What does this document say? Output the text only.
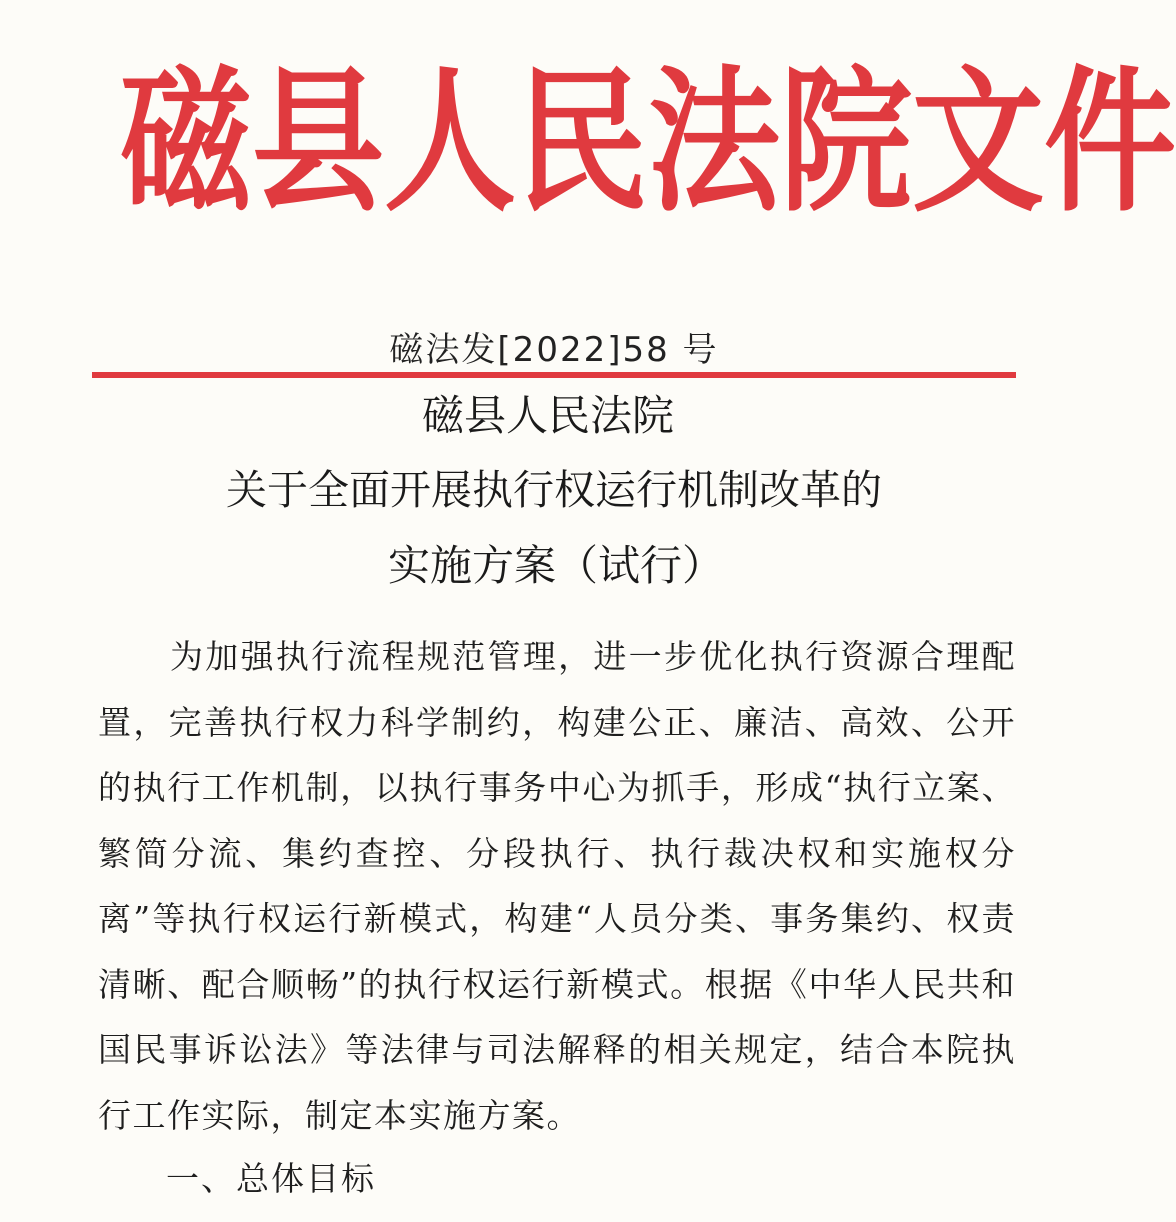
磁 县 人 民 法 院 文 件
磁法发[2022]58 号
磁县人民法院
关于全面开展执行权运行机制改革的
实施方案（试行）

为加强执行流程规范管理，进一步优化执行资源合理配置，完善执行权力科学制约，构建公正、廉洁、高效、公开的执行工作机制，以执行事务中心为抓手，形成“执行立案、繁简分流、集约查控、分段执行、执行裁决权和实施权分离”等执行权运行新模式，构建“人员分类、事务集约、权责清晰、配合顺畅”的执行权运行新模式。根据《中华人民共和国民事诉讼法》等法律与司法解释的相关规定，结合本院执行工作实际，制定本实施方案。

一、总体目标
